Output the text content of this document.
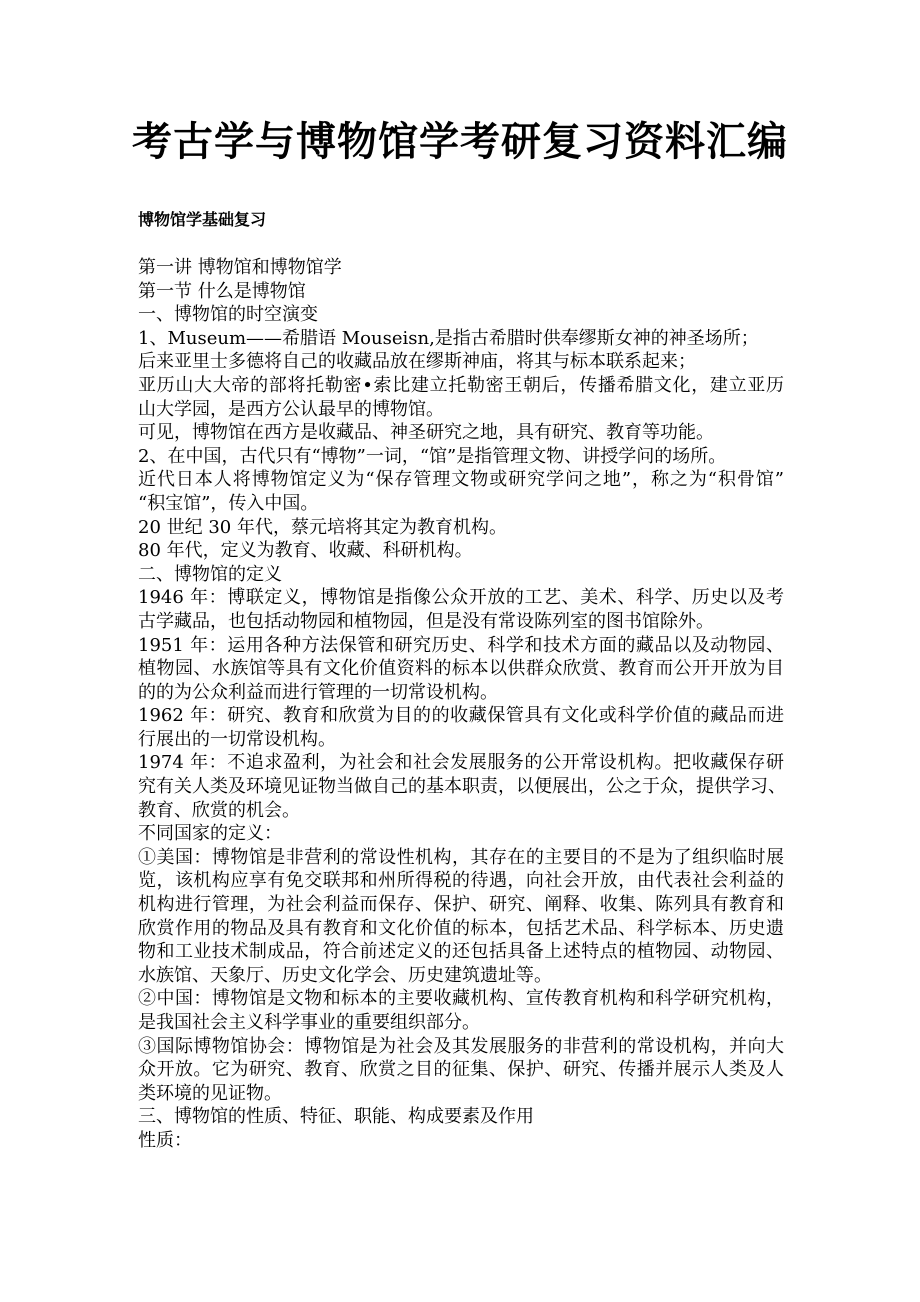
考古学与博物馆学考研复习资料汇编
博物馆学基础复习
第一讲 博物馆和博物馆学
第一节 什么是博物馆
一、博物馆的时空演变
1、Museum——希腊语 Mouseisn,是指古希腊时供奉缪斯女神的神圣场所；
后来亚里士多德将自己的收藏品放在缪斯神庙，将其与标本联系起来；
亚历山大大帝的部将托勒密•索比建立托勒密王朝后，传播希腊文化，建立亚历
山大学园，是西方公认最早的博物馆。
可见，博物馆在西方是收藏品、神圣研究之地，具有研究、教育等功能。
2、在中国，古代只有“博物”一词，“馆”是指管理文物、讲授学问的场所。
近代日本人将博物馆定义为“保存管理文物或研究学问之地”，称之为“积骨馆”
“积宝馆”，传入中国。
20 世纪 30 年代，蔡元培将其定为教育机构。
80 年代，定义为教育、收藏、科研机构。
二、博物馆的定义
1946 年：博联定义，博物馆是指像公众开放的工艺、美术、科学、历史以及考
古学藏品，也包括动物园和植物园，但是没有常设陈列室的图书馆除外。
1951 年：运用各种方法保管和研究历史、科学和技术方面的藏品以及动物园、
植物园、水族馆等具有文化价值资料的标本以供群众欣赏、教育而公开开放为目
的的为公众利益而进行管理的一切常设机构。
1962 年：研究、教育和欣赏为目的的收藏保管具有文化或科学价值的藏品而进
行展出的一切常设机构。
1974 年：不追求盈利，为社会和社会发展服务的公开常设机构。把收藏保存研
究有关人类及环境见证物当做自己的基本职责，以便展出，公之于众，提供学习、
教育、欣赏的机会。
不同国家的定义：
①美国：博物馆是非营利的常设性机构，其存在的主要目的不是为了组织临时展
览，该机构应享有免交联邦和州所得税的待遇，向社会开放，由代表社会利益的
机构进行管理，为社会利益而保存、保护、研究、阐释、收集、陈列具有教育和
欣赏作用的物品及具有教育和文化价值的标本，包括艺术品、科学标本、历史遗
物和工业技术制成品，符合前述定义的还包括具备上述特点的植物园、动物园、
水族馆、天象厅、历史文化学会、历史建筑遗址等。
②中国：博物馆是文物和标本的主要收藏机构、宣传教育机构和科学研究机构，
是我国社会主义科学事业的重要组织部分。
③国际博物馆协会：博物馆是为社会及其发展服务的非营利的常设机构，并向大
众开放。它为研究、教育、欣赏之目的征集、保护、研究、传播并展示人类及人
类环境的见证物。
三、博物馆的性质、特征、职能、构成要素及作用
性质：
